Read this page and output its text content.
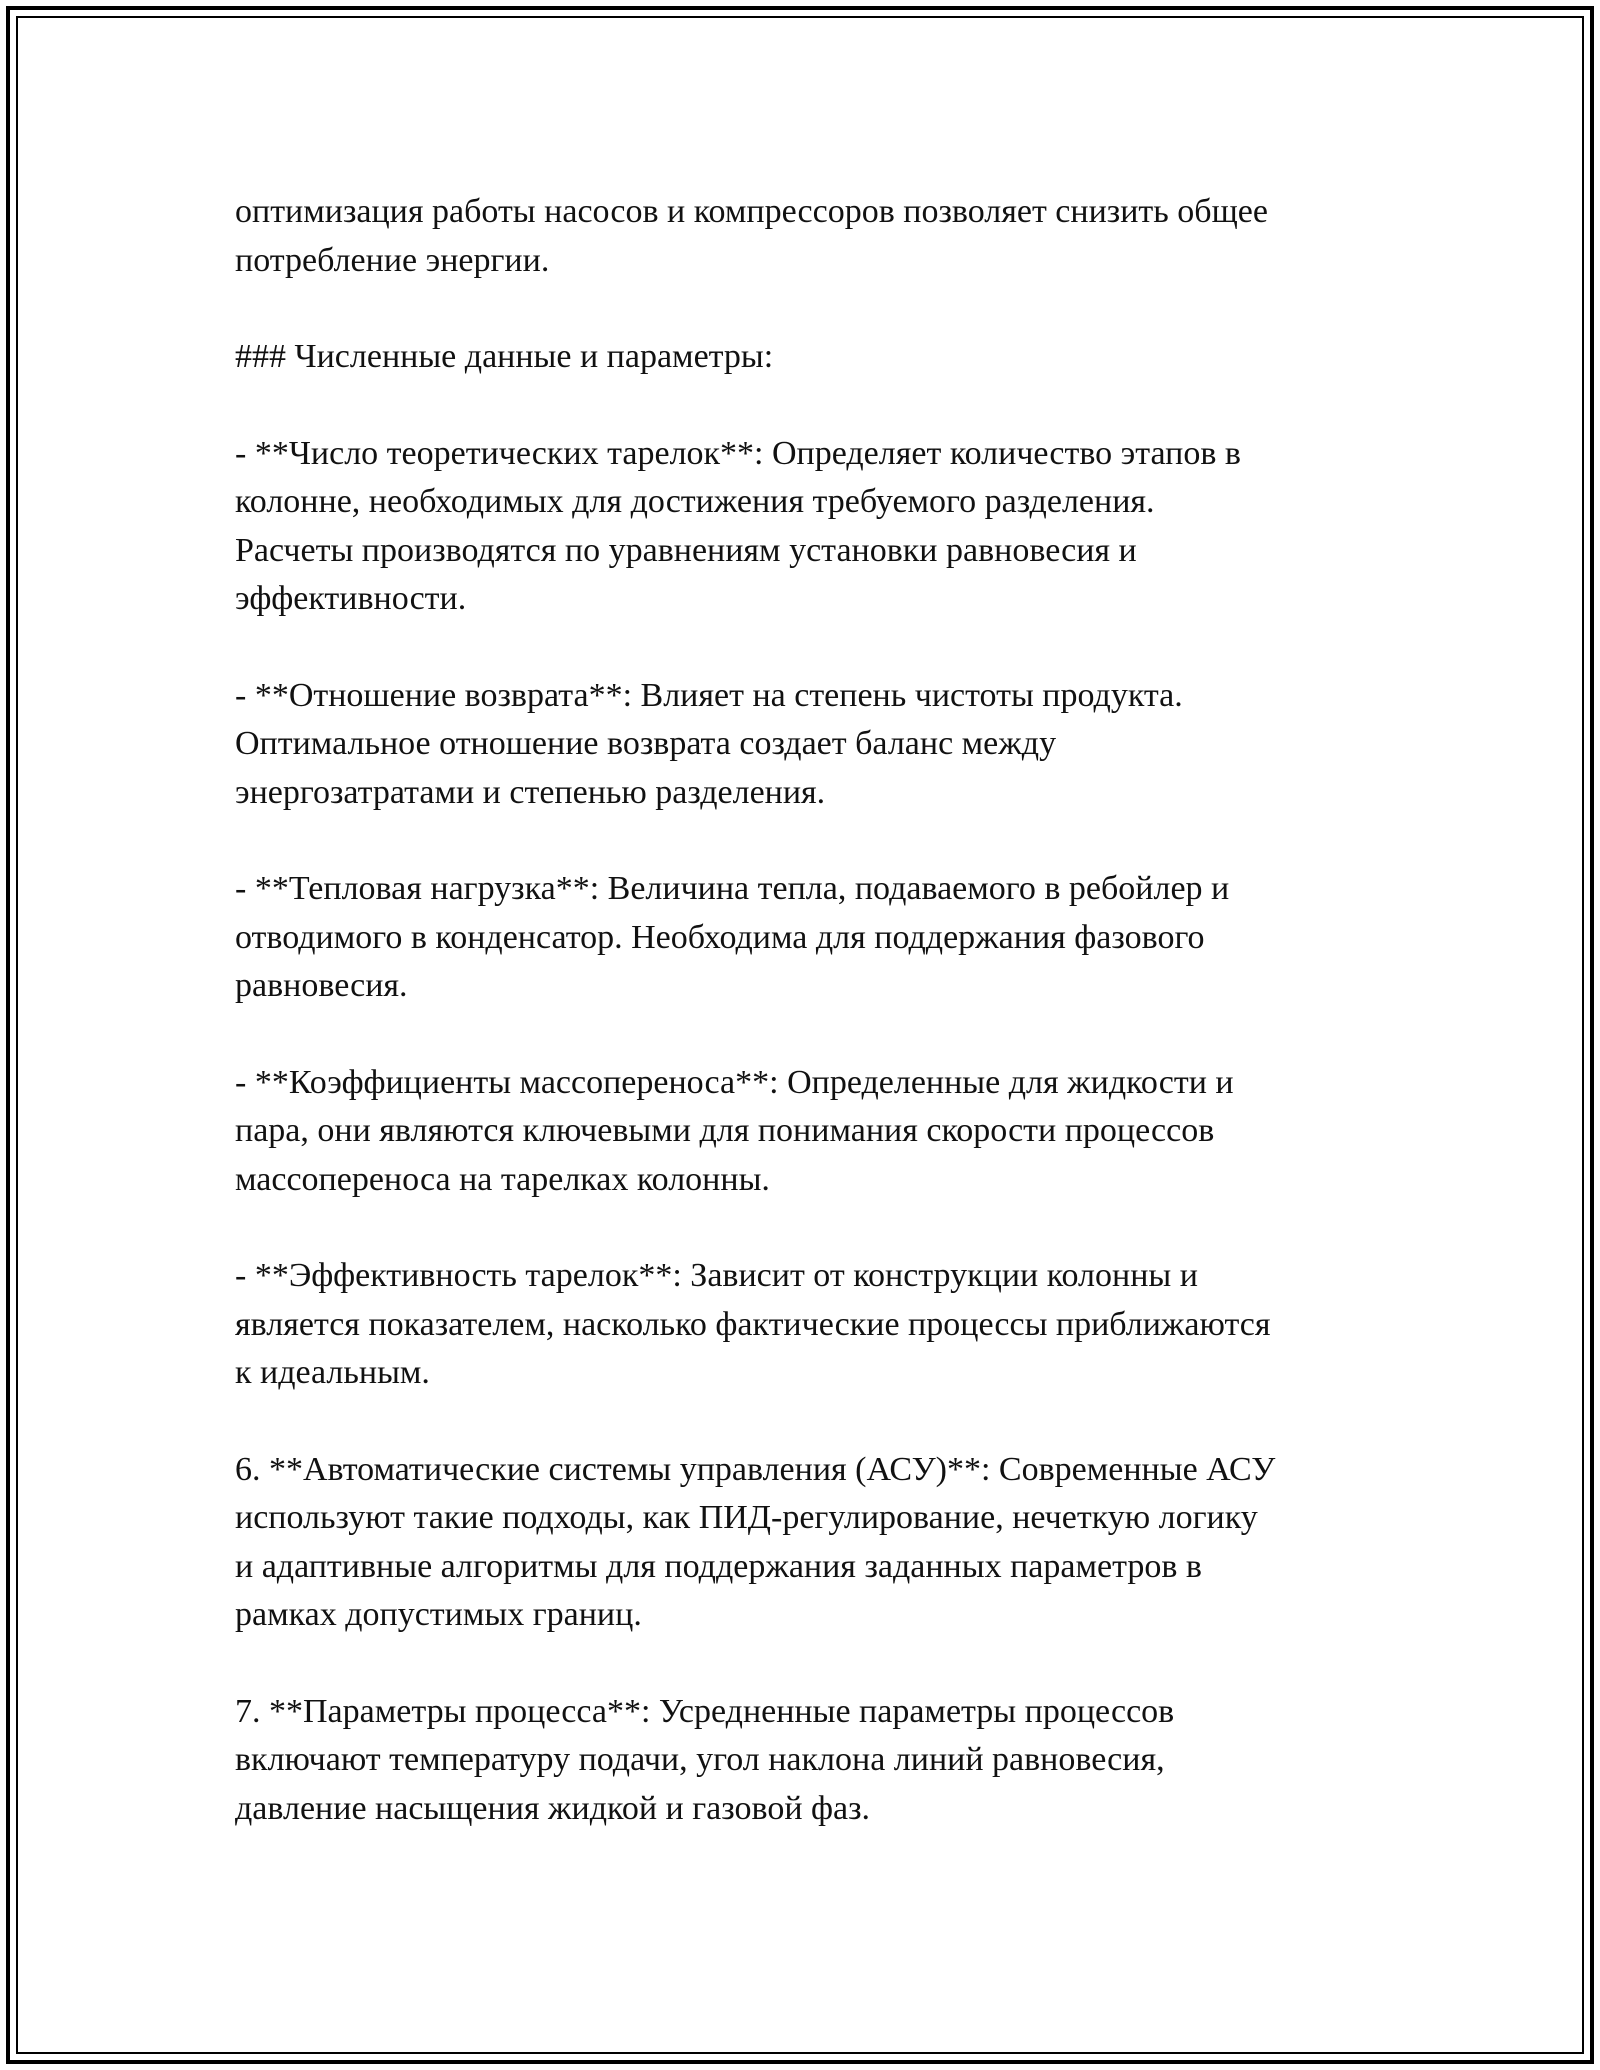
оптимизация работы насосов и компрессоров позволяет снизить общее
потребление энергии.

### Численные данные и параметры:

- **Число теоретических тарелок**: Определяет количество этапов в
колонне, необходимых для достижения требуемого разделения.
Расчеты производятся по уравнениям установки равновесия и
эффективности.

- **Отношение возврата**: Влияет на степень чистоты продукта.
Оптимальное отношение возврата создает баланс между
энергозатратами и степенью разделения.

- **Тепловая нагрузка**: Величина тепла, подаваемого в ребойлер и
отводимого в конденсатор. Необходима для поддержания фазового
равновесия.

- **Коэффициенты массопереноса**: Определенные для жидкости и
пара, они являются ключевыми для понимания скорости процессов
массопереноса на тарелках колонны.

- **Эффективность тарелок**: Зависит от конструкции колонны и
является показателем, насколько фактические процессы приближаются
к идеальным.

6. **Автоматические системы управления (АСУ)**: Современные АСУ
используют такие подходы, как ПИД-регулирование, нечеткую логику
и адаптивные алгоритмы для поддержания заданных параметров в
рамках допустимых границ.

7. **Параметры процесса**: Усредненные параметры процессов
включают температуру подачи, угол наклона линий равновесия,
давление насыщения жидкой и газовой фаз.
